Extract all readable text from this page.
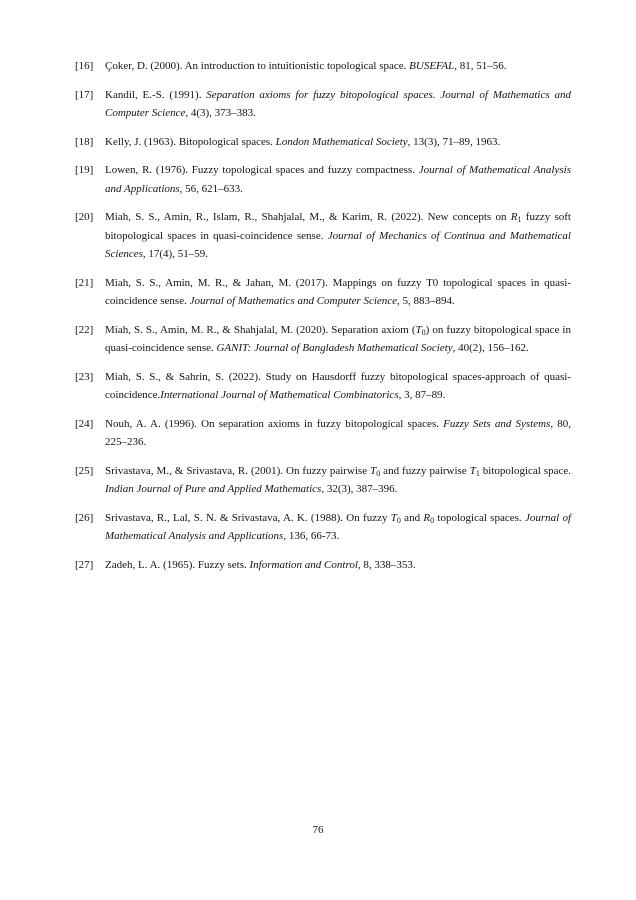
[16]	Çoker, D. (2000). An introduction to intuitionistic topological space. BUSEFAL, 81, 51–56.
[17]	Kandil, E.-S. (1991). Separation axioms for fuzzy bitopological spaces. Journal of Mathematics and Computer Science, 4(3), 373–383.
[18]	Kelly, J. (1963). Bitopological spaces. London Mathematical Society, 13(3), 71–89, 1963.
[19]	Lowen, R. (1976). Fuzzy topological spaces and fuzzy compactness. Journal of Mathematical Analysis and Applications, 56, 621–633.
[20]	Miah, S. S., Amin, R., Islam, R., Shahjalal, M., & Karim, R. (2022). New concepts on $R_1$ fuzzy soft bitopological spaces in quasi-coincidence sense. Journal of Mechanics of Continua and Mathematical Sciences, 17(4), 51–59.
[21]	Miah, S. S., Amin, M. R., & Jahan, M. (2017). Mappings on fuzzy T0 topological spaces in quasi-coincidence sense. Journal of Mathematics and Computer Science, 5, 883–894.
[22]	Miah, S. S., Amin, M. R., & Shahjalal, M. (2020). Separation axiom $(T_0)$ on fuzzy bitopological space in quasi-coincidence sense. GANIT: Journal of Bangladesh Mathematical Society, 40(2), 156–162.
[23]	Miah, S. S., & Sahrin, S. (2022). Study on Hausdorff fuzzy bitopological spaces-approach of quasi-coincidence.International Journal of Mathematical Combinatorics, 3, 87–89.
[24]	Nouh, A. A. (1996). On separation axioms in fuzzy bitopological spaces. Fuzzy Sets and Systems, 80, 225–236.
[25]	Srivastava, M., & Srivastava, R. (2001). On fuzzy pairwise $T_0$ and fuzzy pairwise $T_1$ bitopological space. Indian Journal of Pure and Applied Mathematics, 32(3), 387–396.
[26]	Srivastava, R., Lal, S. N. & Srivastava, A. K. (1988). On fuzzy $T_0$ and $R_0$ topological spaces. Journal of Mathematical Analysis and Applications, 136, 66-73.
[27]	Zadeh, L. A. (1965). Fuzzy sets. Information and Control, 8, 338–353.
76
